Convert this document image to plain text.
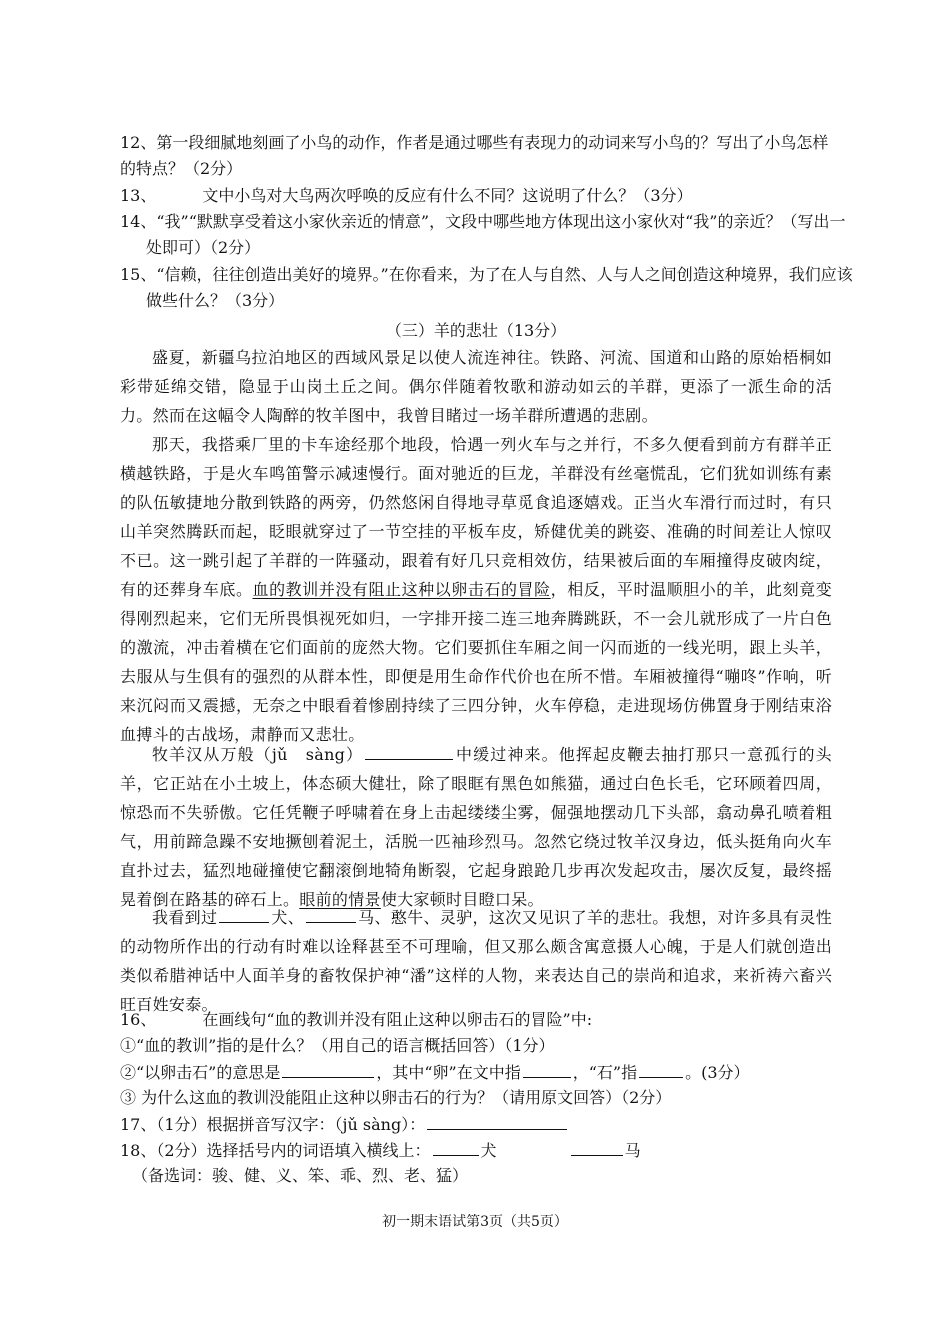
12、第一段细腻地刻画了小鸟的动作，作者是通过哪些有表现力的动词来写小鸟的？写出了小鸟怎样的特点？（2分）

13、	文中小鸟对大鸟两次呼唤的反应有什么不同？这说明了什么？（3分）

14、“我”“默默享受着这小家伙亲近的情意”，文段中哪些地方体现出这小家伙对“我”的亲近？（写出一处即可）（2分）

15、“信赖，往往创造出美好的境界。”在你看来，为了在人与自然、人与人之间创造这种境界，我们应该做些什么？（3分）

（三）羊的悲壮（13分）

盛夏，新疆乌拉泊地区的西域风景足以使人流连神往。铁路、河流、国道和山路的原始梧桐如彩带延绵交错，隐显于山岗土丘之间。偶尔伴随着牧歌和游动如云的羊群，更添了一派生命的活力。然而在这幅令人陶醉的牧羊图中，我曾目睹过一场羊群所遭遇的悲剧。

那天，我搭乘厂里的卡车途经那个地段，恰遇一列火车与之并行，不多久便看到前方有群羊正横越铁路，于是火车鸣笛警示减速慢行。面对驰近的巨龙，羊群没有丝毫慌乱，它们犹如训练有素的队伍敏捷地分散到铁路的两旁，仍然悠闲自得地寻草觅食追逐嬉戏。正当火车滑行而过时，有只山羊突然腾跃而起，眨眼就穿过了一节空挂的平板车皮，矫健优美的跳姿、准确的时间差让人惊叹不已。这一跳引起了羊群的一阵骚动，跟着有好几只竞相效仿，结果被后面的车厢撞得皮破肉绽，有的还葬身车底。血的教训并没有阻止这种以卵击石的冒险，相反，平时温顺胆小的羊，此刻竟变得刚烈起来，它们无所畏惧视死如归，一字排开接二连三地奔腾跳跃，不一会儿就形成了一片白色的激流，冲击着横在它们面前的庞然大物。它们要抓住车厢之间一闪而逝的一线光明，跟上头羊，去服从与生俱有的强烈的从群本性，即便是用生命作代价也在所不惜。车厢被撞得“嘣咚”作响，听来沉闷而又震撼，无奈之中眼看着惨剧持续了三四分钟，火车停稳，走进现场仿佛置身于刚结束浴血搏斗的古战场，肃静而又悲壮。

牧羊汉从万般（jǔ　sàng）	中缓过神来。他挥起皮鞭去抽打那只一意孤行的头羊，它正站在小土坡上，体态硕大健壮，除了眼眶有黑色如熊猫，通过白色长毛，它环顾着四周，惊恐而不失骄傲。它任凭鞭子呼啸着在身上击起缕缕尘雾，倔强地摆动几下头部，翕动鼻孔喷着粗气，用前蹄急躁不安地撅刨着泥土，活脱一匹袖珍烈马。忽然它绕过牧羊汉身边，低头挺角向火车直扑过去，猛烈地碰撞使它翻滚倒地犄角断裂，它起身踉跄几步再次发起攻击，屡次反复，最终摇晃着倒在路基的碎石上。眼前的情景使大家顿时目瞪口呆。

我看到过	犬、	马、憨牛、灵驴，这次又见识了羊的悲壮。我想，对许多具有灵性的动物所作出的行动有时难以诠释甚至不可理喻，但又那么颇含寓意摄人心魄，于是人们就创造出类似希腊神话中人面羊身的畜牧保护神“潘”这样的人物，来表达自己的崇尚和追求，来祈祷六畜兴旺百姓安泰。

16、	在画线句“血的教训并没有阻止这种以卵击石的冒险”中:

①“血的教训”指的是什么？（用自己的语言概括回答）（1分）

②“以卵击石”的意思是	，其中“卵”在文中指	，“石”指	。(3分）

③ 为什么这血的教训没能阻止这种以卵击石的行为？（请用原文回答）（2分）

17、（1分）根据拼音写汉字：（jǔ sàng）：

18、（2分）选择括号内的词语填入横线上：	犬	马

（备选词：骏、健、义、笨、乖、烈、老、猛）

初一期末语试第3页（共5页）
